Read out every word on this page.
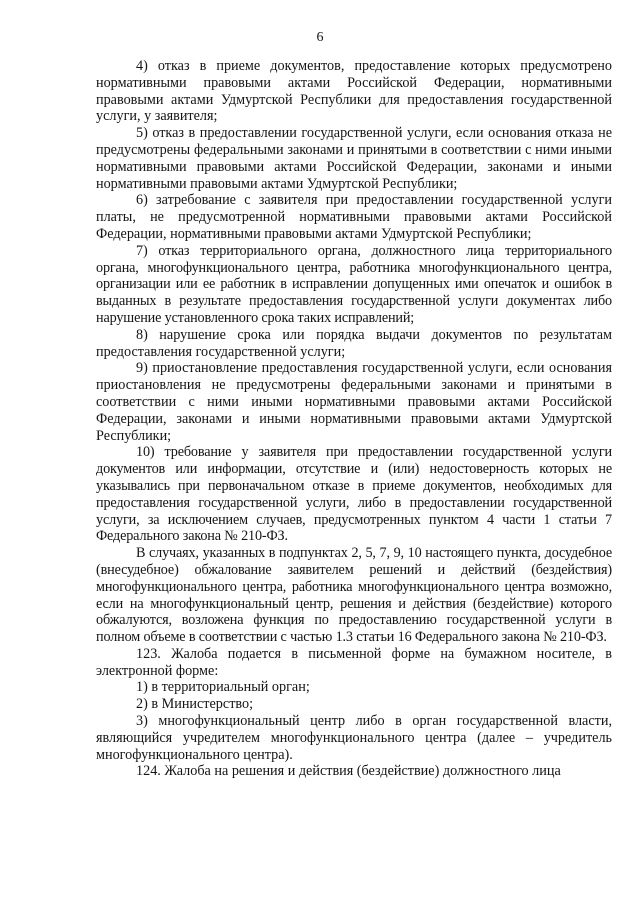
6

4) отказ в приеме документов, предоставление которых предусмотрено нормативными правовыми актами Российской Федерации, нормативными правовыми актами Удмуртской Республики для предоставления государственной услуги, у заявителя;

5) отказ в предоставлении государственной услуги, если основания отказа не предусмотрены федеральными законами и принятыми в соответствии с ними иными нормативными правовыми актами Российской Федерации, законами и иными нормативными правовыми актами Удмуртской Республики;

6) затребование с заявителя при предоставлении государственной услуги платы, не предусмотренной нормативными правовыми актами Российской Федерации, нормативными правовыми актами Удмуртской Республики;

7) отказ территориального органа, должностного лица территориального органа, многофункционального центра, работника многофункционального центра, организации или ее работник в исправлении допущенных ими опечаток и ошибок в выданных в результате предоставления государственной услуги документах либо нарушение установленного срока таких исправлений;

8) нарушение срока или порядка выдачи документов по результатам предоставления государственной услуги;

9) приостановление предоставления государственной услуги, если основания приостановления не предусмотрены федеральными законами и принятыми в соответствии с ними иными нормативными правовыми актами Российской Федерации, законами и иными нормативными правовыми актами Удмуртской Республики;

10) требование у заявителя при предоставлении государственной услуги документов или информации, отсутствие и (или) недостоверность которых не указывались при первоначальном отказе в приеме документов, необходимых для предоставления государственной услуги, либо в предоставлении государственной услуги, за исключением случаев, предусмотренных пунктом 4 части 1 статьи 7 Федерального закона № 210-ФЗ.

В случаях, указанных в подпунктах 2, 5, 7, 9, 10 настоящего пункта, досудебное (внесудебное) обжалование заявителем решений и действий (бездействия) многофункционального центра, работника многофункционального центра возможно, если на многофункциональный центр, решения и действия (бездействие) которого обжалуются, возложена функция по предоставлению государственной услуги в полном объеме в соответствии с частью 1.3 статьи 16 Федерального закона № 210-ФЗ.

123. Жалоба подается в письменной форме на бумажном носителе, в электронной форме:

1) в территориальный орган;

2) в Министерство;

3) многофункциональный центр либо в орган государственной власти, являющийся учредителем многофункционального центра (далее – учредитель многофункционального центра).

124. Жалоба на решения и действия (бездействие) должностного лица
